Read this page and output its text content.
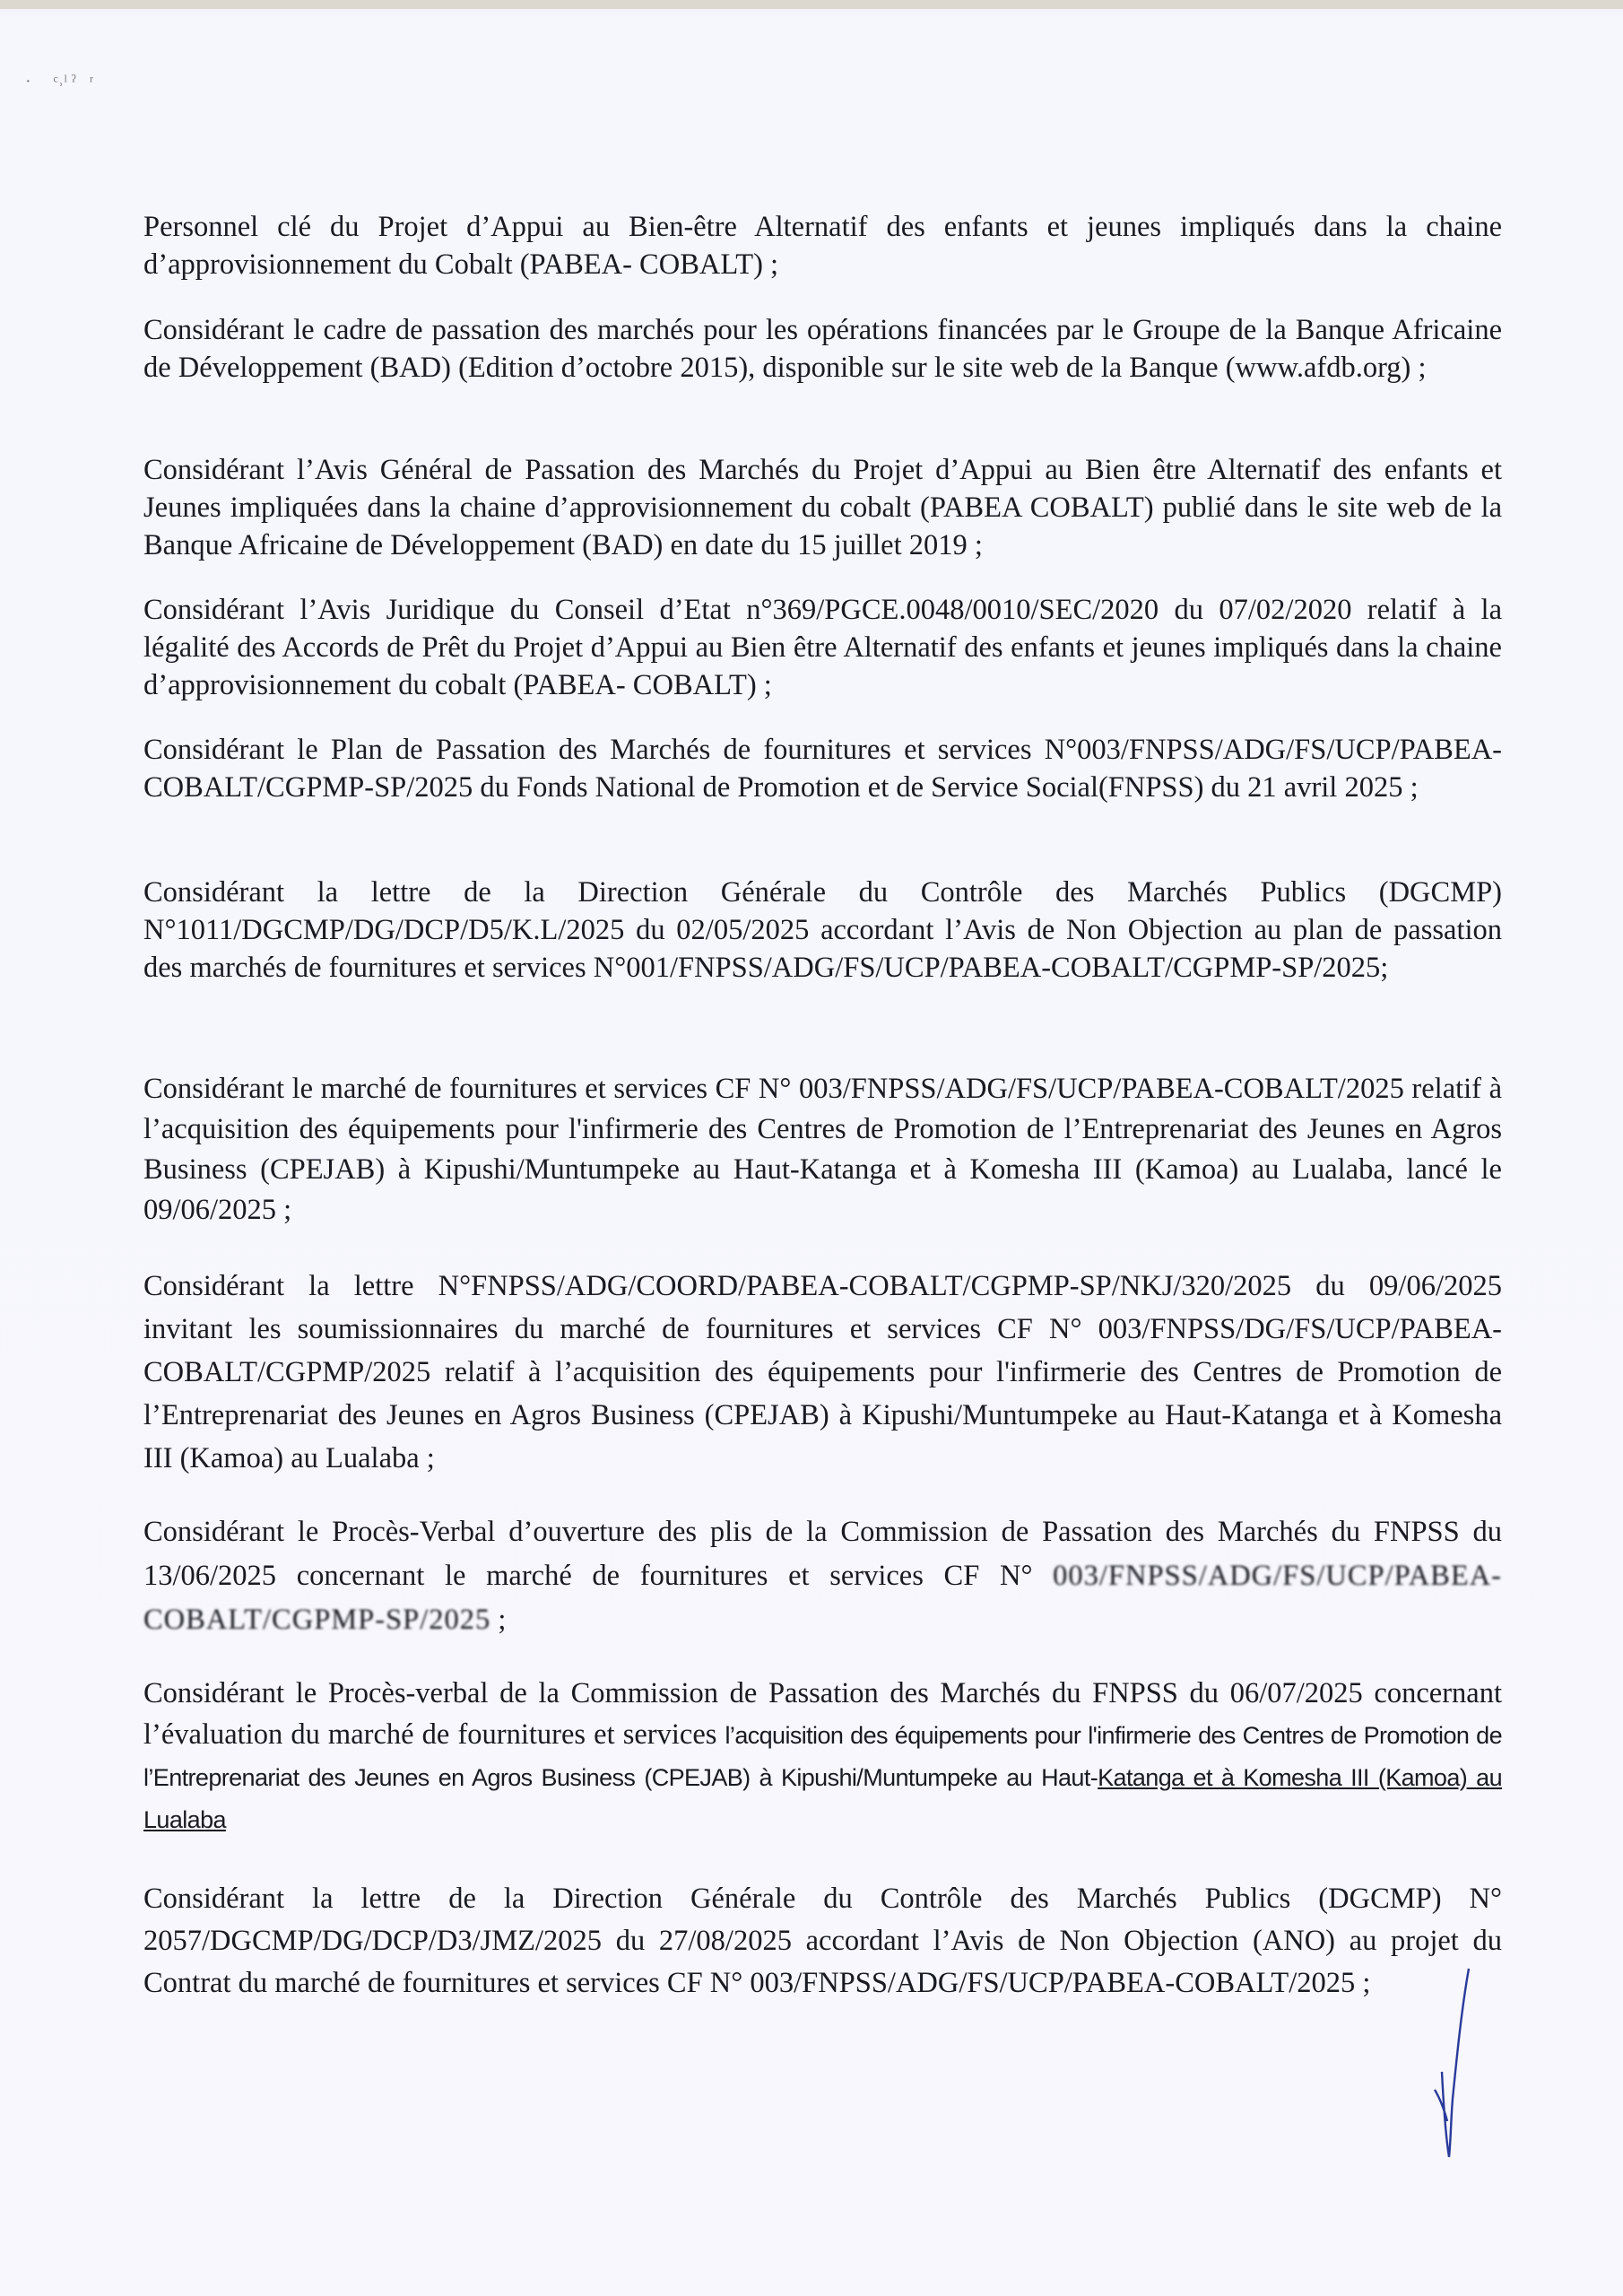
·     ᶜ˒ˡ ˀ   ʳ

Personnel clé du Projet d’Appui au Bien-être Alternatif des enfants et jeunes impliqués dans la chaine d’approvisionnement du Cobalt (PABEA- COBALT) ;

Considérant le cadre de passation des marchés pour les opérations financées par le Groupe de la Banque Africaine de Développement (BAD) (Edition d’octobre 2015), disponible sur le site web de la Banque (www.afdb.org) ;

Considérant l’Avis Général de Passation des Marchés du Projet d’Appui au Bien être Alternatif des enfants et Jeunes impliquées dans la chaine d’approvisionnement du cobalt (PABEA COBALT) publié dans le site web de la Banque Africaine de Développement (BAD) en date du 15 juillet 2019 ;

Considérant l’Avis Juridique du Conseil d’Etat n°369/PGCE.0048/0010/SEC/2020 du 07/02/2020 relatif à la légalité des Accords de Prêt du Projet d’Appui au Bien être Alternatif des enfants et jeunes impliqués dans la chaine d’approvisionnement du cobalt (PABEA- COBALT) ;

Considérant le Plan de Passation des Marchés de fournitures et services N°003/FNPSS/ADG/FS/UCP/PABEA-COBALT/CGPMP-SP/2025 du Fonds National de Promotion et de Service Social(FNPSS) du 21 avril 2025 ;

Considérant la lettre de la Direction Générale du Contrôle des Marchés Publics (DGCMP) N°1011/DGCMP/DG/DCP/D5/K.L/2025 du 02/05/2025 accordant l’Avis de Non Objection au plan de passation des marchés de fournitures et services N°001/FNPSS/ADG/FS/UCP/PABEA-COBALT/CGPMP-SP/2025;

Considérant le marché de fournitures et services CF N° 003/FNPSS/ADG/FS/UCP/PABEA-COBALT/2025 relatif à l’acquisition des équipements pour l'infirmerie des Centres de Promotion de l’Entreprenariat des Jeunes en Agros Business (CPEJAB) à Kipushi/Muntumpeke au Haut-Katanga et à Komesha III (Kamoa) au Lualaba, lancé le 09/06/2025 ;

Considérant la lettre N°FNPSS/ADG/COORD/PABEA-COBALT/CGPMP-SP/NKJ/320/2025 du 09/06/2025 invitant les soumissionnaires du marché de fournitures et services CF N° 003/FNPSS/DG/FS/UCP/PABEA-COBALT/CGPMP/2025 relatif à l’acquisition des équipements pour l'infirmerie des Centres de Promotion de l’Entreprenariat des Jeunes en Agros Business (CPEJAB) à Kipushi/Muntumpeke au Haut-Katanga et à Komesha III (Kamoa) au Lualaba ;

Considérant le Procès-Verbal d’ouverture des plis de la Commission de Passation des Marchés du FNPSS du 13/06/2025 concernant le marché de fournitures et services CF N° 003/FNPSS/ADG/FS/UCP/PABEA-COBALT/CGPMP-SP/2025 ;

Considérant le Procès-verbal de la Commission de Passation des Marchés du FNPSS du 06/07/2025 concernant l’évaluation du marché de fournitures et services l’acquisition des équipements pour l'infirmerie des Centres de Promotion de l’Entreprenariat des Jeunes en Agros Business (CPEJAB) à Kipushi/Muntumpeke au Haut-Katanga et à Komesha III (Kamoa) au Lualaba

Considérant la lettre de la Direction Générale du Contrôle des Marchés Publics (DGCMP) N° 2057/DGCMP/DG/DCP/D3/JMZ/2025 du 27/08/2025 accordant l’Avis de Non Objection (ANO) au projet du Contrat du marché de fournitures et services CF N° 003/FNPSS/ADG/FS/UCP/PABEA-COBALT/2025 ;
